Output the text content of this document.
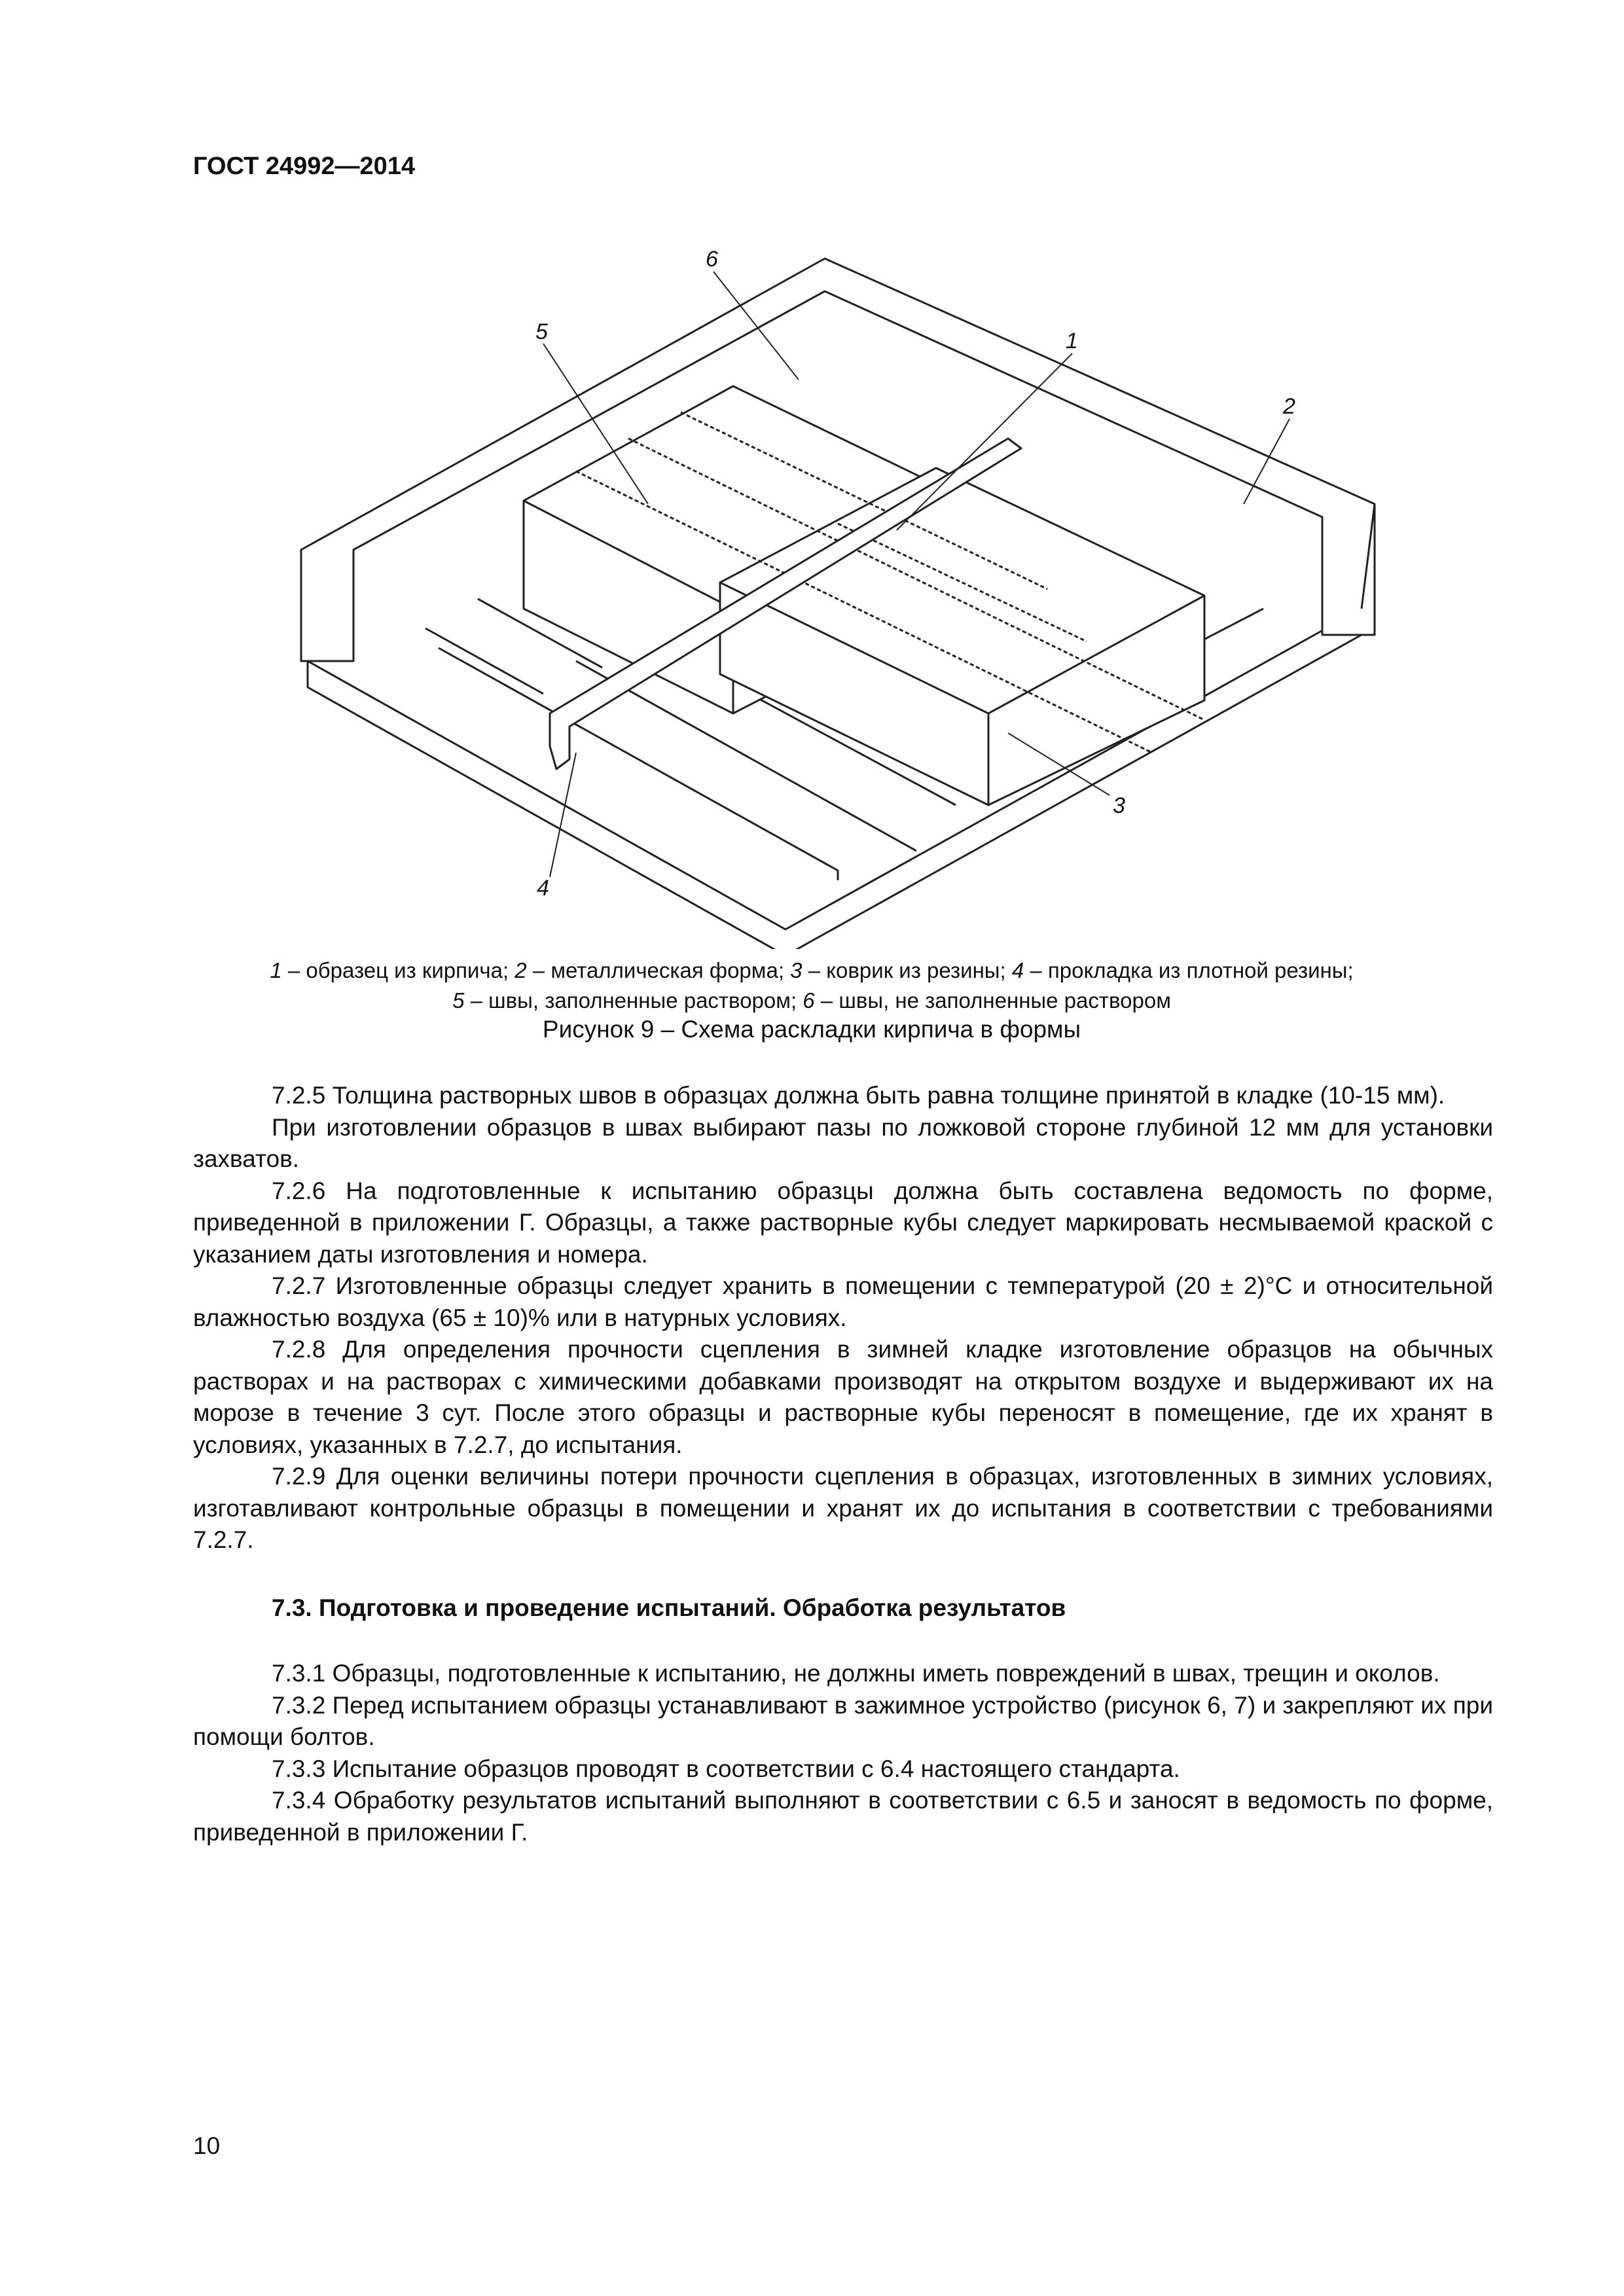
ГОСТ 24992—2014
1
2
3
4
5
6
1 – образец из кирпича; 2 – металлическая форма; 3 – коврик из резины; 4 – прокладка из плотной резины;
5 – швы, заполненные раствором; 6 – швы, не заполненные раствором
Рисунок 9 – Схема раскладки кирпича в формы

7.2.5 Толщина растворных швов в образцах должна быть равна толщине принятой в кладке (10-15 мм).

При изготовлении образцов в швах выбирают пазы по ложковой стороне глубиной 12 мм для установки захватов.

7.2.6 На подготовленные к испытанию образцы должна быть составлена ведомость по форме, приведенной в приложении Г. Образцы, а также растворные кубы следует маркировать несмываемой краской с указанием даты изготовления и номера.

7.2.7 Изготовленные образцы следует хранить в помещении с температурой (20 ± 2)°С и относительной влажностью воздуха (65 ± 10)% или в натурных условиях.

7.2.8 Для определения прочности сцепления в зимней кладке изготовление образцов на обычных растворах и на растворах с химическими добавками производят на открытом воздухе и выдерживают их на морозе в течение 3 сут. После этого образцы и растворные кубы переносят в помещение, где их хранят в условиях, указанных в 7.2.7, до испытания.

7.2.9 Для оценки величины потери прочности сцепления в образцах, изготовленных в зимних условиях, изготавливают контрольные образцы в помещении и хранят их до испытания в соответствии с требованиями 7.2.7.

7.3. Подготовка и проведение испытаний. Обработка результатов

7.3.1 Образцы, подготовленные к испытанию, не должны иметь повреждений в швах, трещин и околов.

7.3.2 Перед испытанием образцы устанавливают в зажимное устройство (рисунок 6, 7) и закрепляют их при помощи болтов.

7.3.3 Испытание образцов проводят в соответствии с 6.4 настоящего стандарта.

7.3.4 Обработку результатов испытаний выполняют в соответствии с 6.5 и заносят в ведомость по форме, приведенной в приложении Г.

10
